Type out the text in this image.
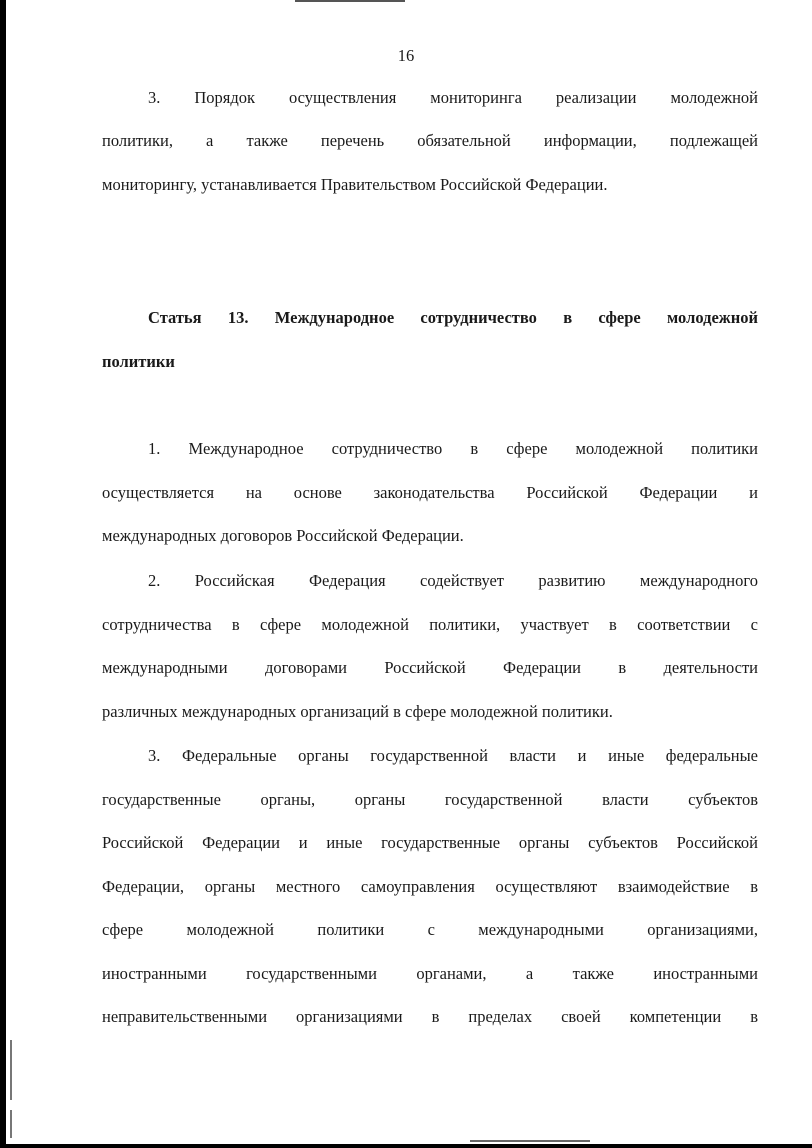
16
3. Порядок осуществления мониторинга реализации молодежной
политики, а также перечень обязательной информации, подлежащей
мониторингу, устанавливается Правительством Российской Федерации.
Статья 13. Международное сотрудничество в сфере молодежной
политики
1. Международное сотрудничество в сфере молодежной политики
осуществляется на основе законодательства Российской Федерации и
международных договоров Российской Федерации.
2. Российская Федерация содействует развитию международного
сотрудничества в сфере молодежной политики, участвует в соответствии с
международными договорами Российской Федерации в деятельности
различных международных организаций в сфере молодежной политики.
3. Федеральные органы государственной власти и иные федеральные
государственные органы, органы государственной власти субъектов
Российской Федерации и иные государственные органы субъектов Российской
Федерации, органы местного самоуправления осуществляют взаимодействие в
сфере молодежной политики с международными организациями,
иностранными государственными органами, а также иностранными
неправительственными организациями в пределах своей компетенции в
